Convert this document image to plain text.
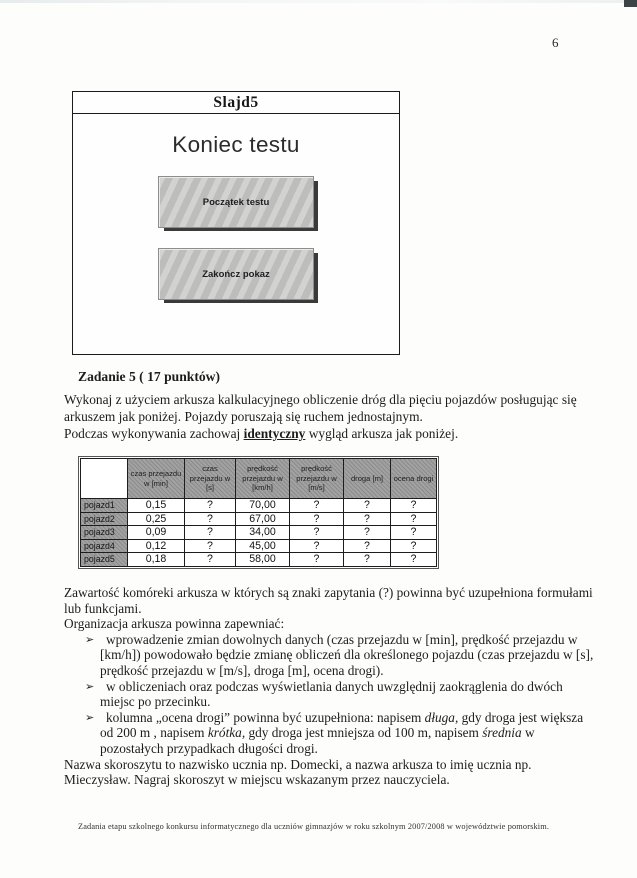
6
Slajd5
Koniec testu
Początek testu
Zakończ pokaz
Zadanie 5 ( 17 punktów)

Wykonaj z użyciem arkusza kalkulacyjnego obliczenie dróg dla pięciu pojazdów posługując się arkuszem jak poniżej. Pojazdy poruszają się ruchem jednostajnym.

Podczas wykonywania zachowaj identyczny wygląd arkusza jak poniżej.

	czas przejazdu w [min]	czas przejazdu w [s]	prędkość przejazdu w [km/h]	prędkość przejazdu w [m/s]	droga [m]	ocena drogi
pojazd1	0,15	?	70,00	?	?	?
pojazd2	0,25	?	67,00	?	?	?
pojazd3	0,09	?	34,00	?	?	?
pojazd4	0,12	?	45,00	?	?	?
pojazd5	0,18	?	58,00	?	?	?

Zawartość komóreki arkusza w których są znaki zapytania (?) powinna być uzupełniona formułami lub funkcjami.

Organizacja arkusza powinna zapewniać:

➢ wprowadzenie zmian dowolnych danych (czas przejazdu w [min], prędkość przejazdu w [km/h]) powodowało będzie zmianę obliczeń dla określonego pojazdu (czas przejazdu w [s], prędkość przejazdu w [m/s], droga [m], ocena drogi).
➢ w obliczeniach oraz podczas wyświetlania danych uwzględnij zaokrąglenia do dwóch miejsc po przecinku.
➢ kolumna „ocena drogi” powinna być uzupełniona: napisem długa, gdy droga jest większa od 200 m , napisem krótka, gdy droga jest mniejsza od 100 m, napisem średnia w pozostałych przypadkach długości drogi.

Nazwa skoroszytu to nazwisko ucznia np. Domecki, a nazwa arkusza to imię ucznia np. Mieczysław. Nagraj skoroszyt w miejscu wskazanym przez nauczyciela.

Zadania etapu szkolnego konkursu informatycznego dla uczniów gimnazjów w roku szkolnym 2007/2008 w województwie pomorskim.
